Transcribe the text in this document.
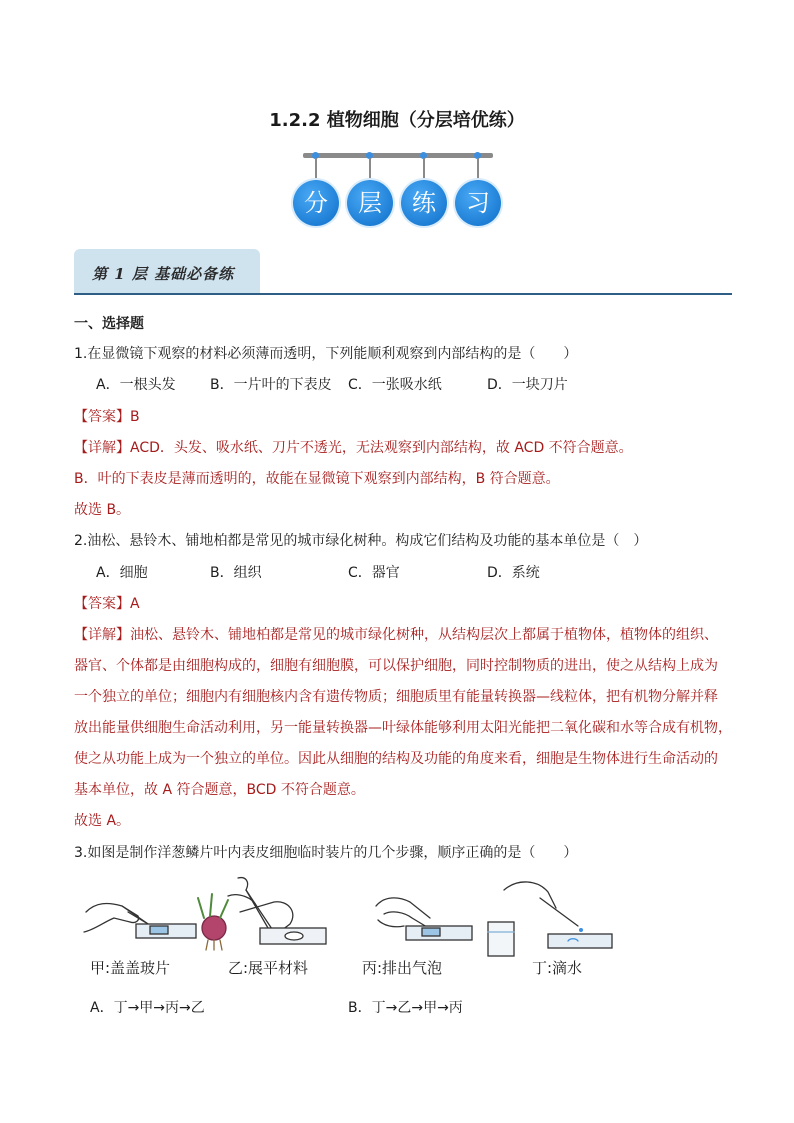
1.2.2 植物细胞（分层培优练）
分	层	练	习
第 1 层 基础必备练
一、选择题
1.在显微镜下观察的材料必须薄而透明，下列能顺利观察到内部结构的是（　　）
A．一根头发 B．一片叶的下表皮 C．一张吸水纸	D．一块刀片
【答案】B
【详解】ACD．头发、吸水纸、刀片不透光，无法观察到内部结构，故 ACD 不符合题意。
B．叶的下表皮是薄而透明的，故能在显微镜下观察到内部结构，B 符合题意。
故选 B。
2.油松、悬铃木、铺地柏都是常见的城市绿化树种。构成它们结构及功能的基本单位是（　）
A．细胞	B．组织	C．器官	D．系统
【答案】A
【详解】油松、悬铃木、铺地柏都是常见的城市绿化树种，从结构层次上都属于植物体，植物体的组织、
器官、个体都是由细胞构成的，细胞有细胞膜，可以保护细胞，同时控制物质的进出，使之从结构上成为
一个独立的单位；细胞内有细胞核内含有遗传物质；细胞质里有能量转换器—线粒体，把有机物分解并释
放出能量供细胞生命活动利用，另一能量转换器—叶绿体能够利用太阳光能把二氧化碳和水等合成有机物，
使之从功能上成为一个独立的单位。因此从细胞的结构及功能的角度来看，细胞是生物体进行生命活动的
基本单位，故 A 符合题意，BCD 不符合题意。
故选 A。
3.如图是制作洋葱鳞片叶内表皮细胞临时装片的几个步骤，顺序正确的是（　　）
甲:盖盖玻片	乙:展平材料	丙:排出气泡	丁:滴水
A．丁→甲→丙→乙	B．丁→乙→甲→丙
